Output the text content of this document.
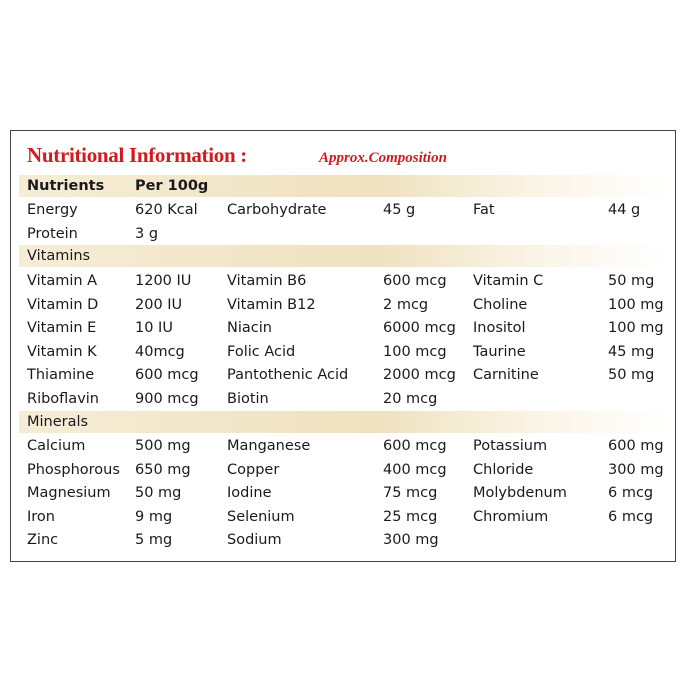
Nutritional Information :	Approx.Composition
Nutrients Per 100g
Energy	620 Kcal Carbohydrate	45 g	Fat	44 g
Protein	3 g
Vitamins
Vitamin A	1200 IU Vitamin B6	600 mcg Vitamin C	50 mg
Vitamin D	200 IU	Vitamin B12	2 mcg	Choline	100 mg
Vitamin E	10 IU	Niacin	6000 mcg Inositol	100 mg
Vitamin K	40mcg	Folic Acid	100 mcg Taurine	45 mg
Thiamine	600 mcg Pantothenic Acid 2000 mcg Carnitine	50 mg
Riboflavin 900 mcg Biotin	20 mcg
Minerals
Calcium	500 mg	Manganese	600 mcg Potassium	600 mg
Phosphorous 650 mg	Copper	400 mcg Chloride	300 mg
Magnesium 50 mg	Iodine	75 mcg Molybdenum	6 mcg
Iron	9 mg	Selenium	25 mcg Chromium	6 mcg
Zinc	5 mg	Sodium	300 mg
